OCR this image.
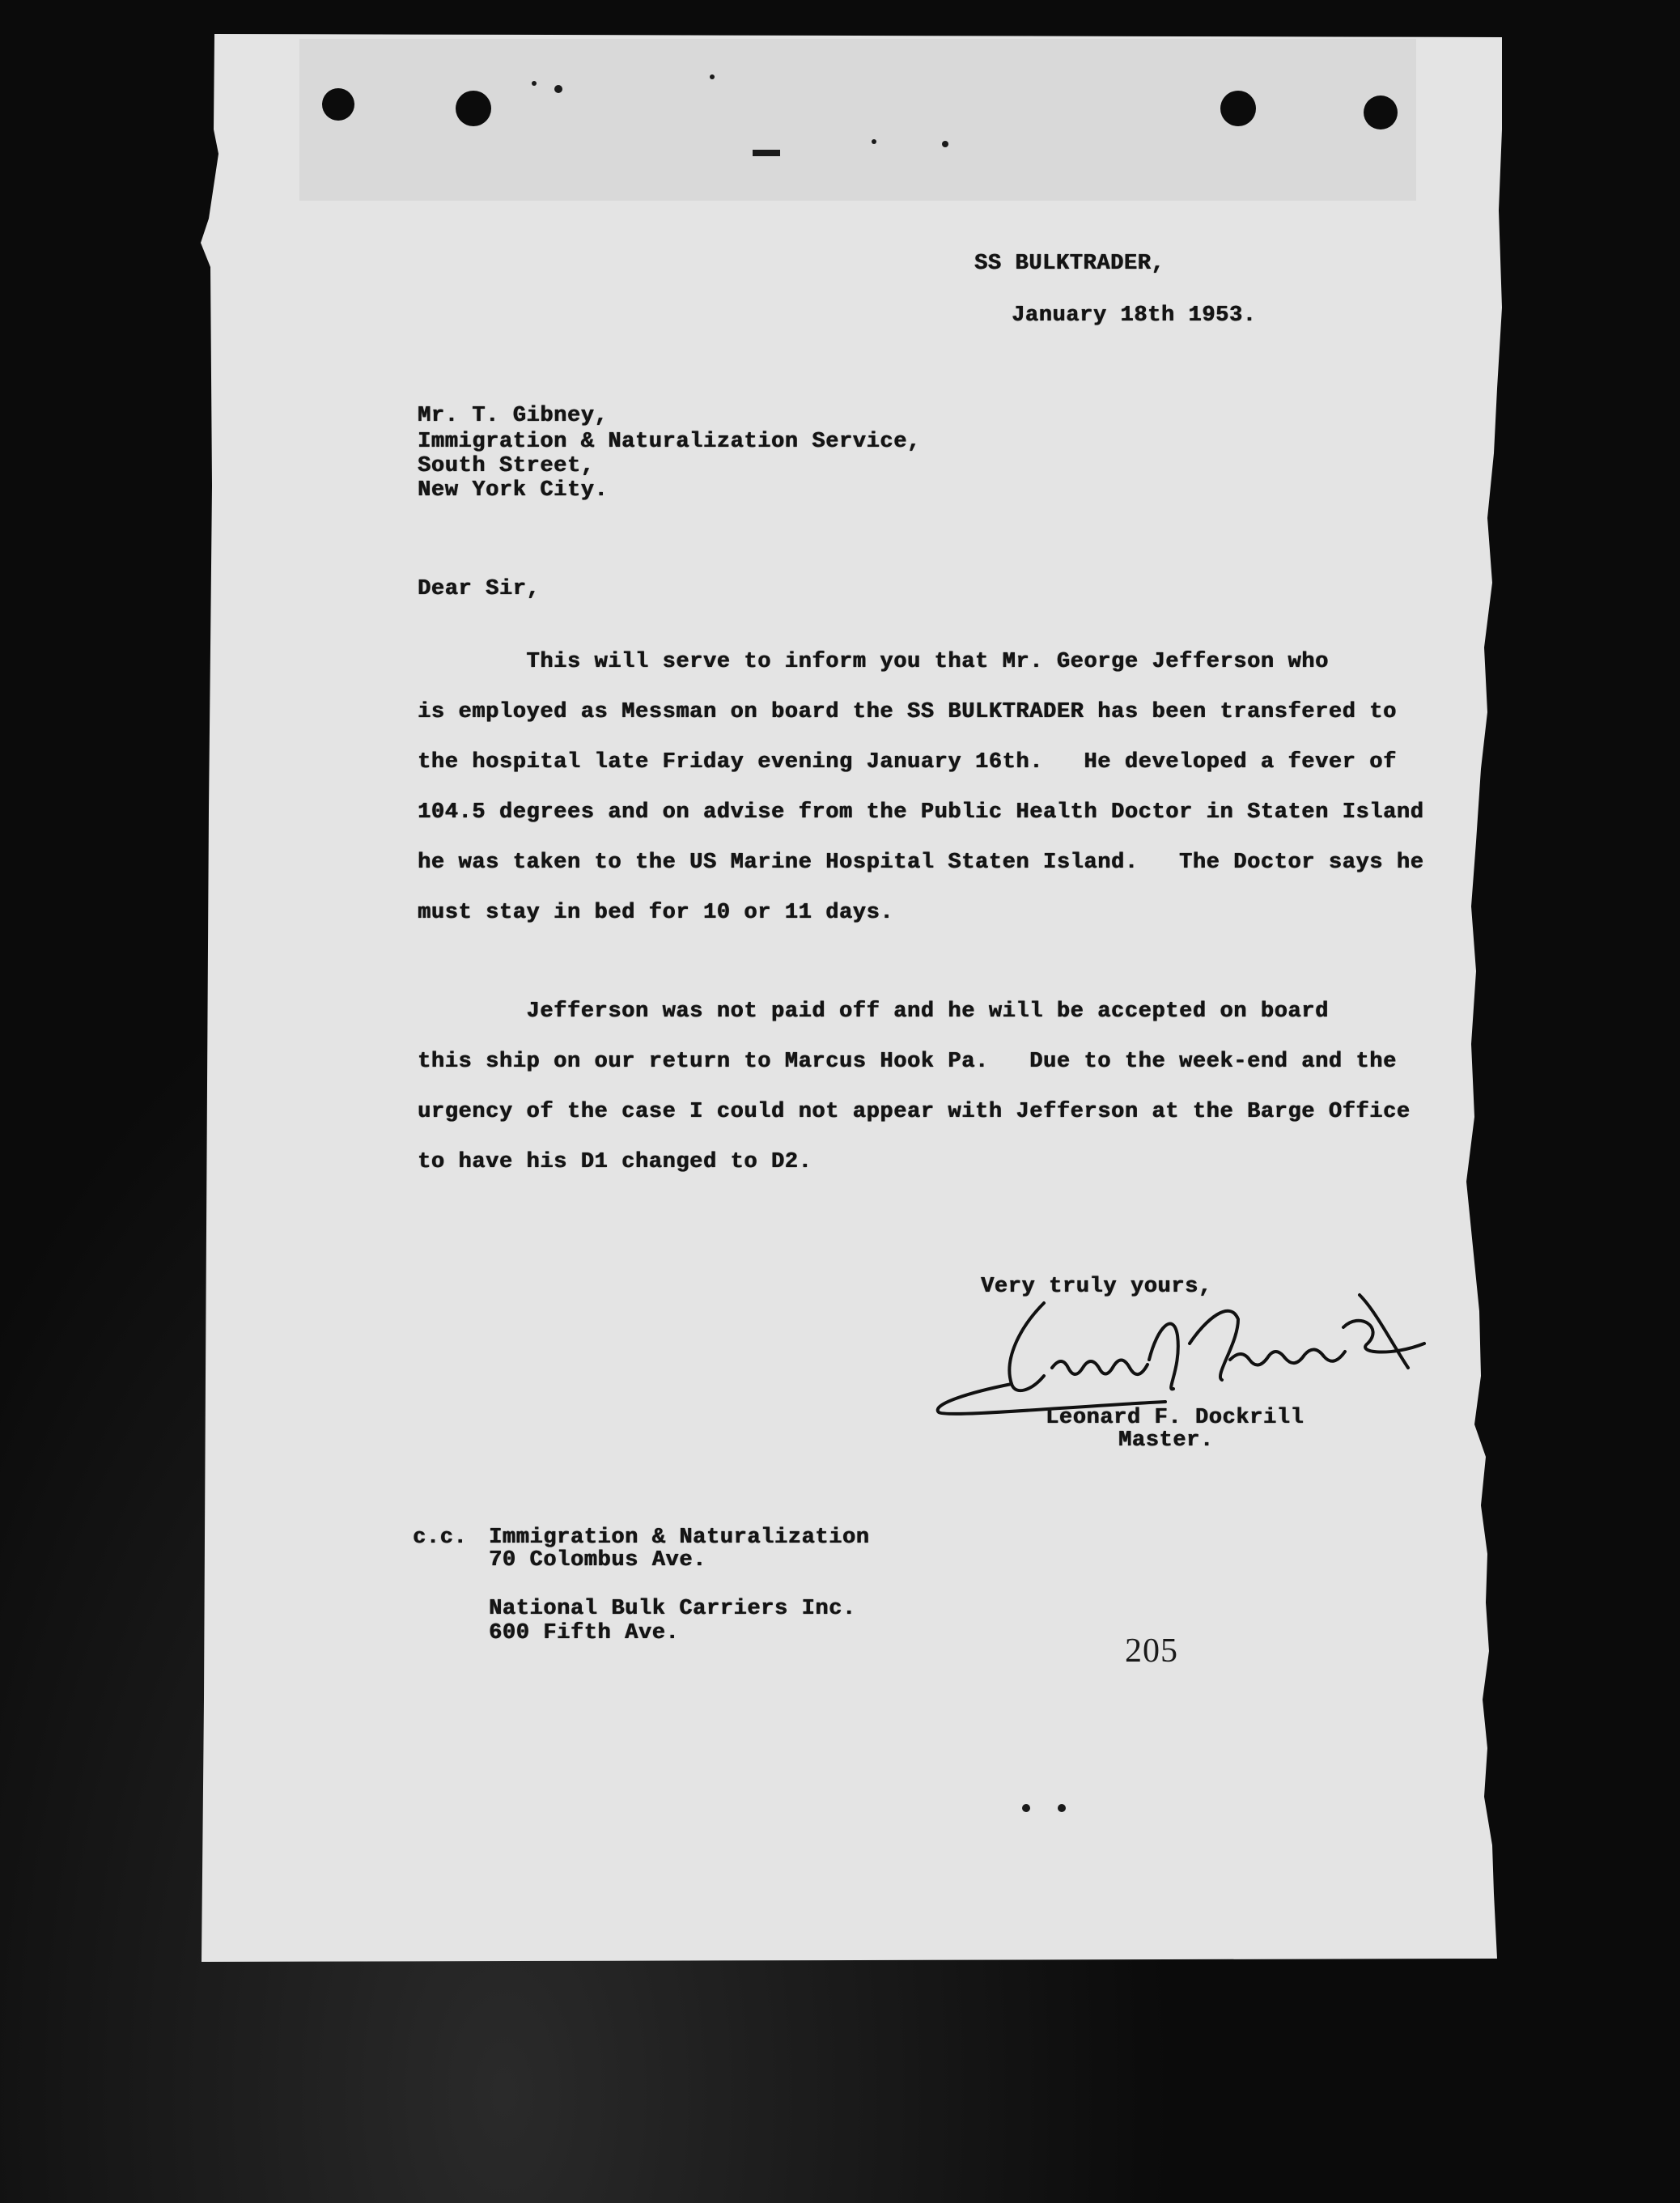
SS BULKTRADER,
January 18th 1953.
Mr. T. Gibney,
Immigration & Naturalization Service,
South Street,
New York City.
Dear Sir,
This will serve to inform you that Mr. George Jefferson who
is employed as Messman on board the SS BULKTRADER has been transfered to
the hospital late Friday evening January 16th.   He developed a fever of
104.5 degrees and on advise from the Public Health Doctor in Staten Island
he was taken to the US Marine Hospital Staten Island.   The Doctor says he
must stay in bed for 10 or 11 days.
Jefferson was not paid off and he will be accepted on board
this ship on our return to Marcus Hook Pa.   Due to the week-end and the
urgency of the case I could not appear with Jefferson at the Barge Office
to have his D1 changed to D2.
Very truly yours,
Leonard F. Dockrill
Master.
c.c. Immigration & Naturalization
70 Colombus Ave.
National Bulk Carriers Inc.
600 Fifth Ave.	205
